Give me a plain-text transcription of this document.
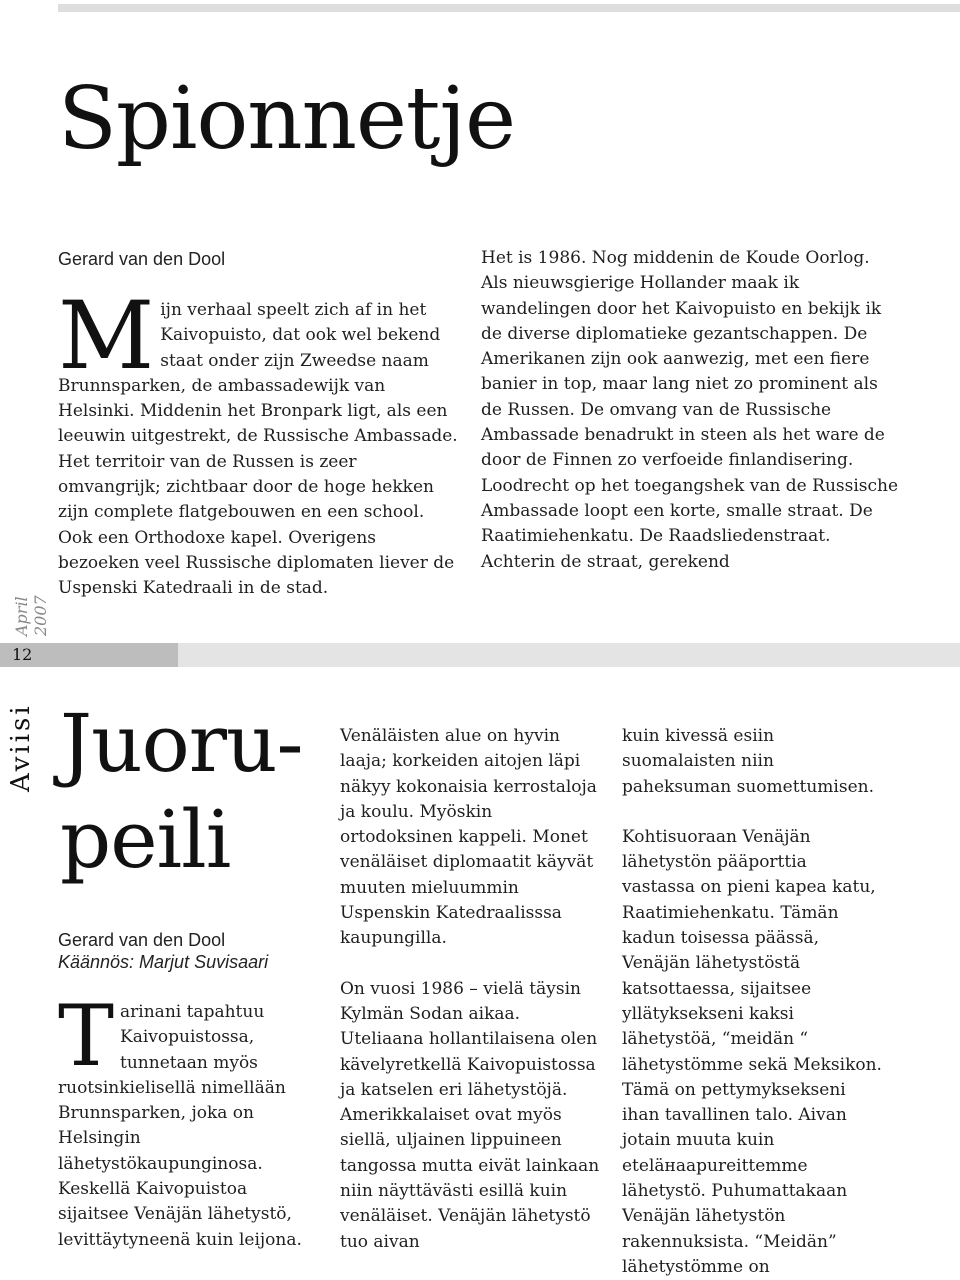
Spionnetje
Gerard van den Dool

Mijn verhaal speelt zich af in het Kaivopuisto, dat ook wel bekend staat onder zijn Zweedse naam Brunnsparken, de ambassadewijk van Helsinki. Middenin het Bronpark ligt, als een leeuwin uitgestrekt, de Russische Ambassade. Het territoir van de Russen is zeer omvangrijk; zichtbaar door de hoge hekken zijn complete flatgebouwen en een school. Ook een Orthodoxe kapel. Overigens bezoeken veel Russische diplomaten liever de Uspenski Katedraali in de stad.

Het is 1986. Nog middenin de Koude Oorlog. Als nieuwsgierige Hollander maak ik wandelingen door het Kaivopuisto en bekijk ik de diverse diplomatieke gezantschappen. De Amerikanen zijn ook aanwezig, met een fiere banier in top, maar lang niet zo prominent als de Russen. De omvang van de Russische Ambassade benadrukt in steen als het ware de door de Finnen zo verfoeide finlandisering. Loodrecht op het toegangshek van de Russische Ambassade loopt een korte, smalle straat. De Raatimiehenkatu. De Raadsliedenstraat. Achterin de straat, gerekend

April 2007
12
Aviisi Juoru-
peili
Gerard van den Dool
Käännös: Marjut Suvisaari

Tarinani tapahtuu Kaivopuistossa, tunnetaan myös ruotsinkielisellä nimellään Brunnsparken, joka on Helsingin lähetystökaupunginosa. Keskellä Kaivopuistoa sijaitsee Venäjän lähetystö, levittäytyneenä kuin leijona.

Venäläisten alue on hyvin laaja; korkeiden aitojen läpi näkyy kokonaisia kerrostaloja ja koulu. Myöskin ortodoksinen kappeli. Monet venäläiset diplomaatit käyvät muuten mieluummin Uspenskin Katedraalisssa kaupungilla.

On vuosi 1986 – vielä täysin Kylmän Sodan aikaa. Uteliaana hollantilaisena olen kävelyretkellä Kaivopuistossa ja katselen eri lähetystöjä. Amerikkalaiset ovat myös siellä, uljainen lippuineen tangossa mutta eivät lainkaan niin näyttävästi esillä kuin venäläiset. Venäjän lähetystö tuo aivan

kuin kivessä esiin suomalaisten niin paheksuman suomettumisen.

Kohtisuoraan Venäjän lähetystön pääporttia vastassa on pieni kapea katu, Raatimiehenkatu. Tämän kadun toisessa päässä, Venäjän lähetystöstä katsottaessa, sijaitsee yllätyksekseni kaksi lähetystöä, “meidän “ lähetystömme sekä Meksikon. Tämä on pettymyksekseni ihan tavallinen talo. Aivan jotain muuta kuin eteläнаapureittemme lähetystö. Puhumattakaan Venäjän lähetystön rakennuksista. “Meidän” lähetystömme on
